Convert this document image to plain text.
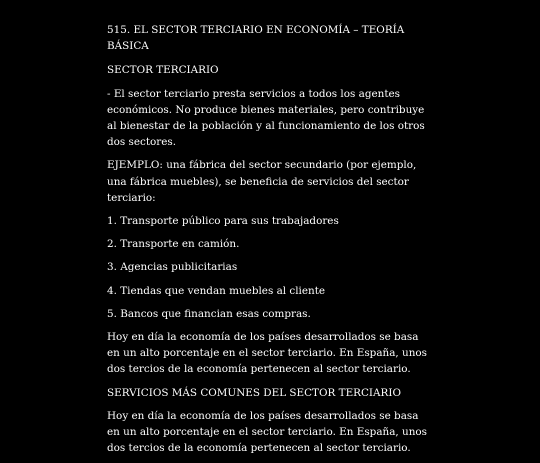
515. EL SECTOR TERCIARIO EN ECONOMÍA – TEORÍA BÁSICA

SECTOR TERCIARIO

- El sector terciario presta servicios a todos los agentes económicos. No produce bienes materiales, pero contribuye al bienestar de la población y al funcionamiento de los otros dos sectores.

EJEMPLO: una fábrica del sector secundario (por ejemplo, una fábrica muebles), se beneficia de servicios del sector terciario:

1. Transporte público para sus trabajadores

2. Transporte en camión.

3. Agencias publicitarias

4. Tiendas que vendan muebles al cliente

5. Bancos que financian esas compras.

Hoy en día la economía de los países desarrollados se basa en un alto porcentaje en el sector terciario. En España, unos dos tercios de la economía pertenecen al sector terciario.

SERVICIOS MÁS COMUNES DEL SECTOR TERCIARIO

Hoy en día la economía de los países desarrollados se basa en un alto porcentaje en el sector terciario. En España, unos dos tercios de la economía pertenecen al sector terciario.
